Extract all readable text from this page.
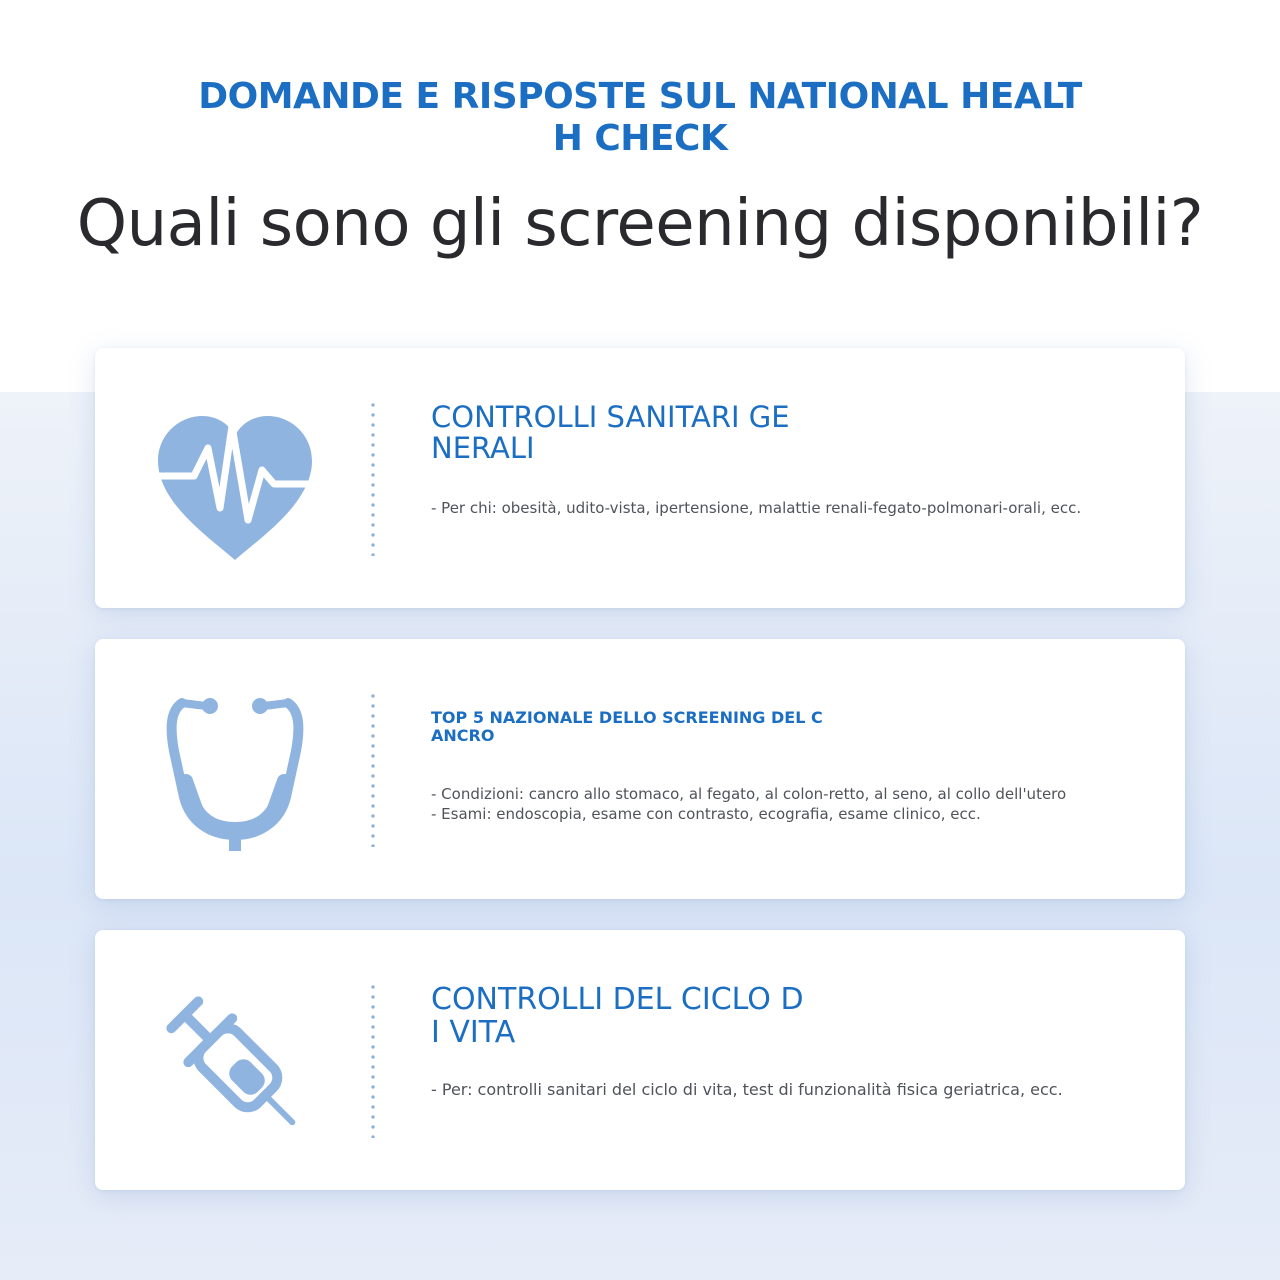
DOMANDE E RISPOSTE SUL NATIONAL HEALT
H CHECK
Quali sono gli screening disponibili?
CONTROLLI SANITARI GE
NERALI
- Per chi: obesità, udito-vista, ipertensione, malattie renali-fegato-polmonari-orali, ecc.
TOP 5 NAZIONALE DELLO SCREENING DEL C
ANCRO
- Condizioni: cancro allo stomaco, al fegato, al colon-retto, al seno, al collo dell'utero
- Esami: endoscopia, esame con contrasto, ecografia, esame clinico, ecc.
CONTROLLI DEL CICLO D
I VITA
- Per: controlli sanitari del ciclo di vita, test di funzionalità fisica geriatrica, ecc.
